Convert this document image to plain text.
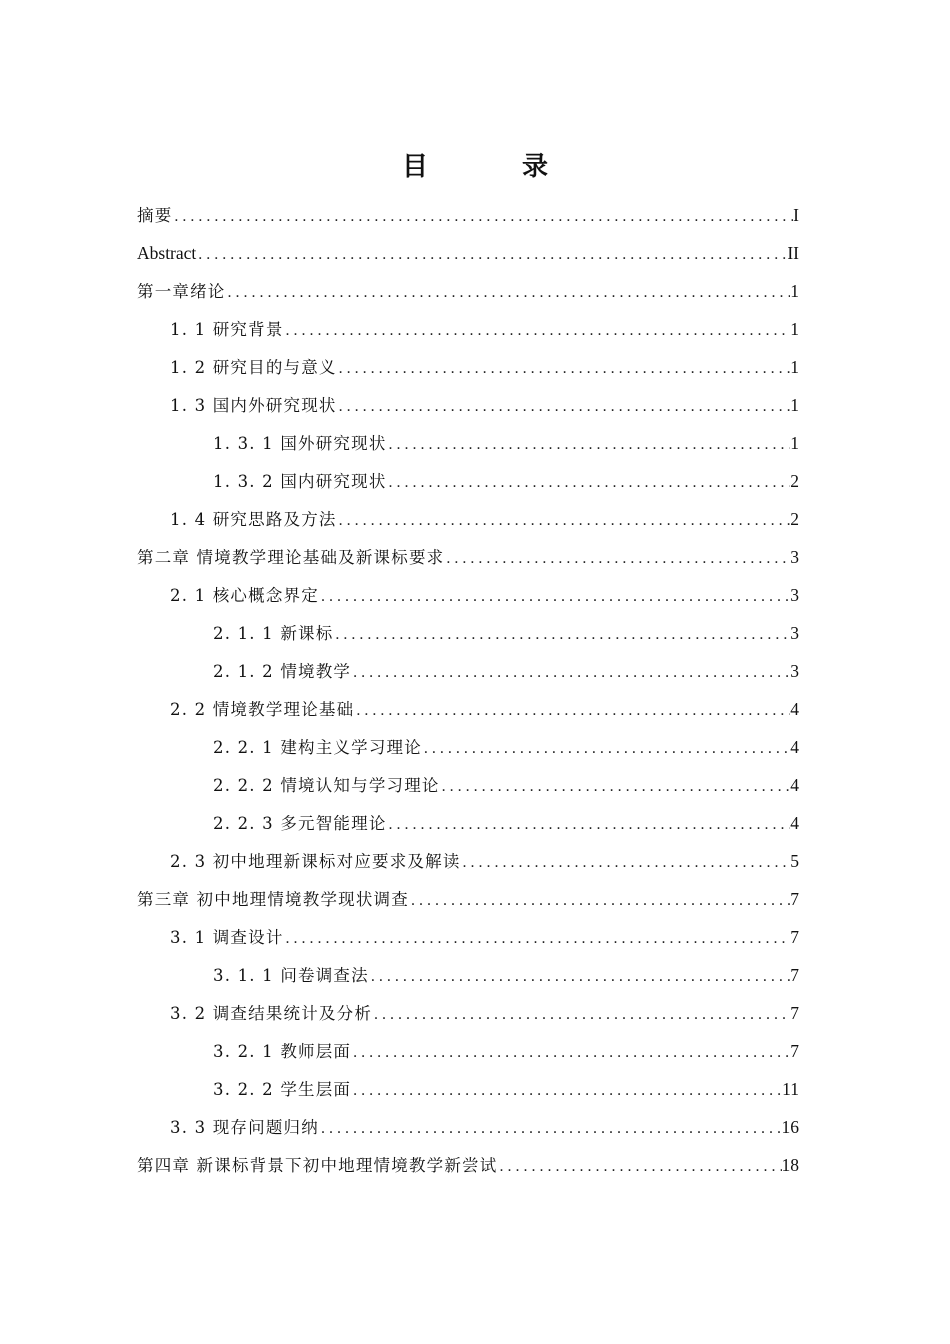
目　录
摘要 . . .	I
Abstract . . .	II
第一章绪论 . . .	1
1. 1 研究背景 . . .	1
1. 2 研究目的与意义 . . .	1
1. 3 国内外研究现状 . . .	1
1. 3. 1 国外研究现状 . . .	1
1. 3. 2 国内研究现状 . . .	2
1. 4 研究思路及方法 . . .	2
第二章 情境教学理论基础及新课标要求 . . .	3
2. 1 核心概念界定 . . .	3
2. 1. 1 新课标 . . .	3
2. 1. 2 情境教学 . . .	3
2. 2 情境教学理论基础 . . .	4
2. 2. 1 建构主义学习理论 . . .	4
2. 2. 2 情境认知与学习理论 . . .	4
2. 2. 3 多元智能理论 . . .	4
2. 3 初中地理新课标对应要求及解读 . . .	5
第三章 初中地理情境教学现状调查 . . .	7
3. 1 调查设计 . . .	7
3. 1. 1 问卷调查法 . . .	7
3. 2 调查结果统计及分析 . . .	7
3. 2. 1 教师层面 . . .	7
3. 2. 2 学生层面 . . .	11
3. 3 现存问题归纳 . . .	16
第四章 新课标背景下初中地理情境教学新尝试 . . .	18
